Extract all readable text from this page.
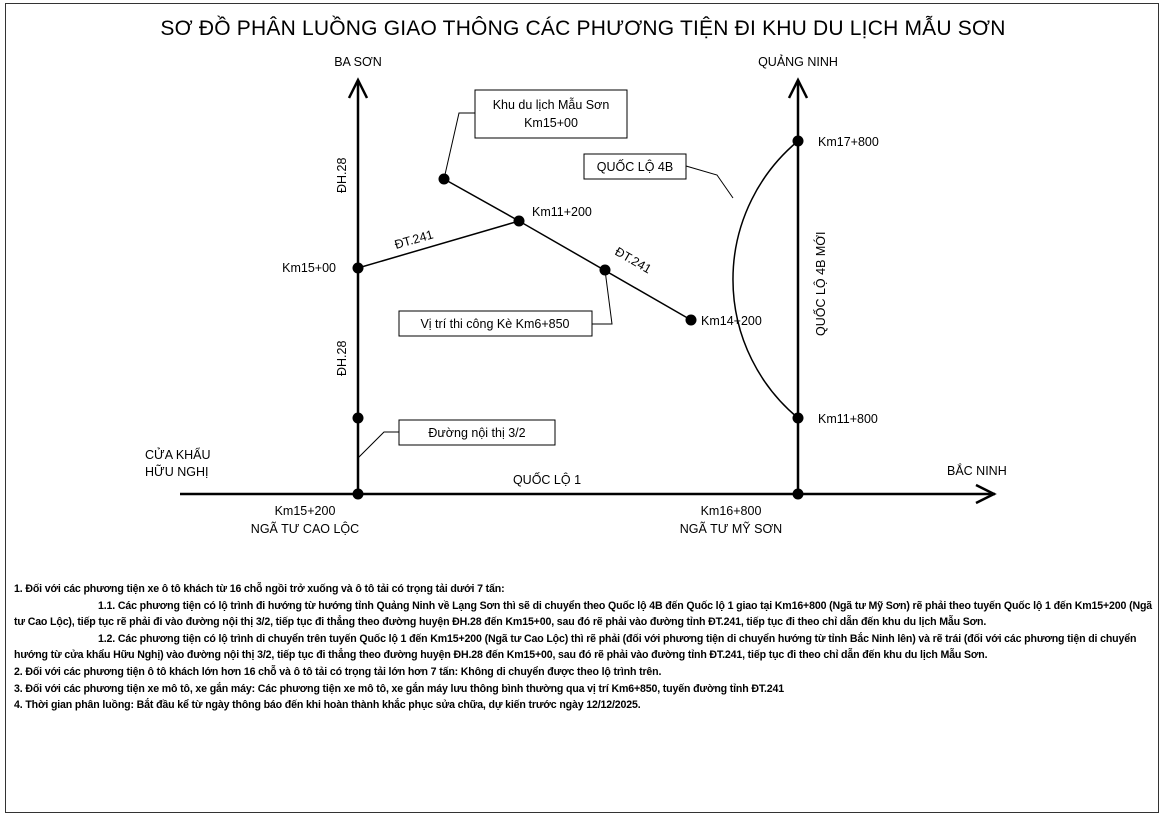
SƠ ĐỒ PHÂN LUỒNG GIAO THÔNG CÁC PHƯƠNG TIỆN ĐI KHU DU LỊCH MẪU SƠN
BA SƠN	QUẢNG NINH
CỬA KHẨU
HỮU NGHỊ	BẮC NINH
Km15+200
NGÃ TƯ CAO LỘC
Km16+800
NGÃ TƯ MỸ SƠN
ĐH.28
ĐH.28
ĐT.241
ĐT.241
QUỐC LỘ 1
QUỐC LỘ 4B MỚI
QUỐC LỘ 4B
Km15+00
Km11+200
Km14+200
Km17+800
Km11+800
Khu du lịch Mẫu Sơn
Km15+00
Vị trí thi công Kè Km6+850
Đường nội thị 3/2

1. Đối với các phương tiện xe ô tô khách từ 16 chỗ ngồi trở xuống và ô tô tải có trọng tải dưới 7 tấn:

1.1. Các phương tiện có lộ trình đi hướng từ hướng tỉnh Quảng Ninh về Lạng Sơn thì sẽ di chuyển theo Quốc lộ 4B đến Quốc lộ 1 giao tại Km16+800 (Ngã tư Mỹ Sơn) rẽ phải theo tuyến Quốc lộ 1 đến Km15+200 (Ngã tư Cao Lộc), tiếp tục rẽ phải đi vào đường nội thị 3/2, tiếp tục đi thẳng theo đường huyện ĐH.28 đến Km15+00, sau đó rẽ phải vào đường tỉnh ĐT.241, tiếp tục đi theo chỉ dẫn đến khu du lịch Mẫu Sơn.

1.2. Các phương tiện có lộ trình di chuyển trên tuyến Quốc lộ 1 đến Km15+200 (Ngã tư Cao Lộc) thì rẽ phải (đối với phương tiện di chuyển hướng từ tỉnh Bắc Ninh lên) và rẽ trái (đối với các phương tiện di chuyển hướng từ cửa khẩu Hữu Nghị) vào đường nội thị 3/2, tiếp tục đi thẳng theo đường huyện ĐH.28 đến Km15+00, sau đó rẽ phải vào đường tỉnh ĐT.241, tiếp tục đi theo chỉ dẫn đến khu du lịch Mẫu Sơn.

2. Đối với các phương tiện ô tô khách lớn hơn 16 chỗ và ô tô tải có trọng tải lớn hơn 7 tấn: Không di chuyển được theo lộ trình trên.

3. Đối với các phương tiện xe mô tô, xe gắn máy: Các phương tiện xe mô tô, xe gắn máy lưu thông bình thường qua vị trí Km6+850, tuyến đường tỉnh ĐT.241

4. Thời gian phân luồng: Bắt đầu kể từ ngày thông báo đến khi hoàn thành khắc phục sửa chữa, dự kiến trước ngày 12/12/2025.
